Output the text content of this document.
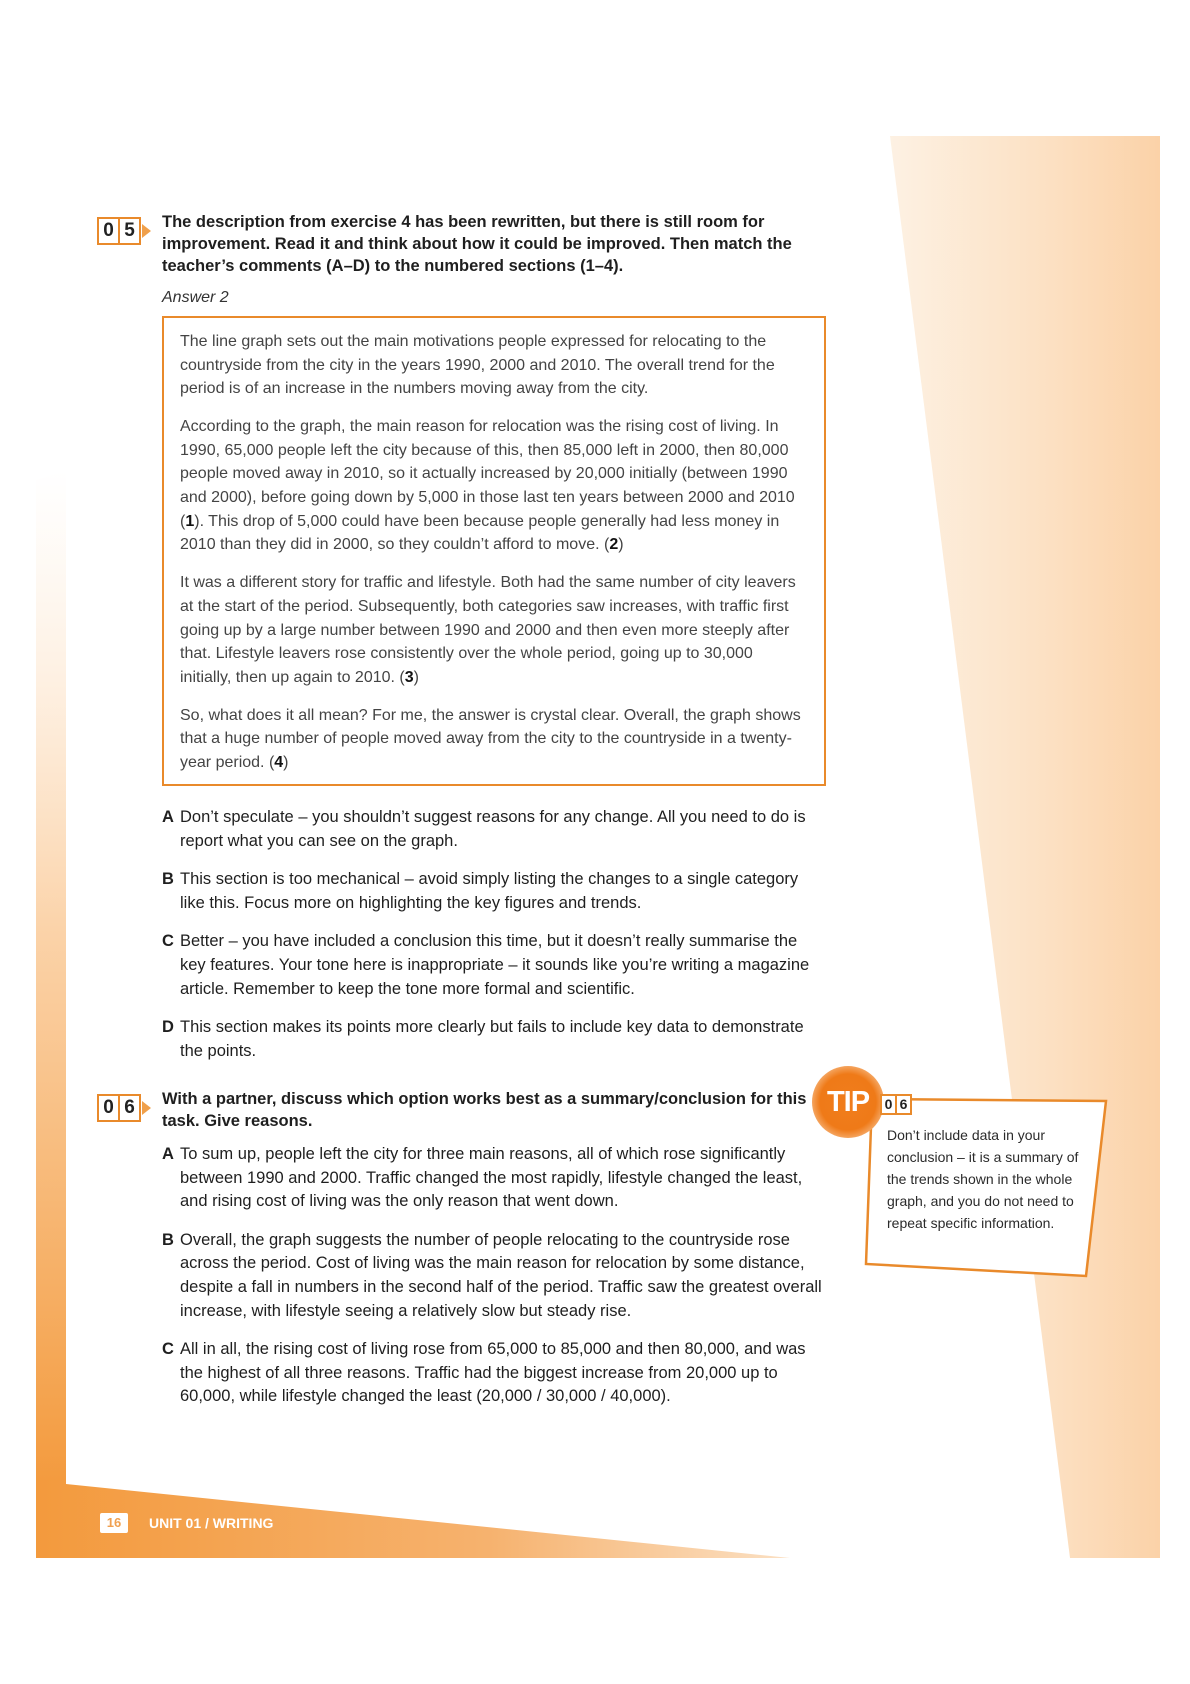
0 5 The description from exercise 4 has been rewritten, but there is still room for improvement. Read it and think about how it could be improved. Then match the teacher’s comments (A–D) to the numbered sections (1–4).
Answer 2

The line graph sets out the main motivations people expressed for relocating to the countryside from the city in the years 1990, 2000 and 2010. The overall trend for the period is of an increase in the numbers moving away from the city.

According to the graph, the main reason for relocation was the rising cost of living. In 1990, 65,000 people left the city because of this, then 85,000 left in 2000, then 80,000 people moved away in 2010, so it actually increased by 20,000 initially (between 1990 and 2000), before going down by 5,000 in those last ten years between 2000 and 2010 (1). This drop of 5,000 could have been because people generally had less money in 2010 than they did in 2000, so they couldn’t afford to move. (2)

It was a different story for traffic and lifestyle. Both had the same number of city leavers at the start of the period. Subsequently, both categories saw increases, with traffic first going up by a large number between 1990 and 2000 and then even more steeply after that. Lifestyle leavers rose consistently over the whole period, going up to 30,000 initially, then up again to 2010. (3)

So, what does it all mean? For me, the answer is crystal clear. Overall, the graph shows that a huge number of people moved away from the city to the countryside in a twenty-year period. (4)

A Don’t speculate – you shouldn’t suggest reasons for any change. All you need to do is report what you can see on the graph.
B This section is too mechanical – avoid simply listing the changes to a single category like this. Focus more on highlighting the key figures and trends.
C Better – you have included a conclusion this time, but it doesn’t really summarise the key features. Your tone here is inappropriate – it sounds like you’re writing a magazine article. Remember to keep the tone more formal and scientific.
D This section makes its points more clearly but fails to include key data to demonstrate the points.
0 6 With a partner, discuss which option works best as a summary/conclusion for this task. Give reasons.
A To sum up, people left the city for three main reasons, all of which rose significantly between 1990 and 2000. Traffic changed the most rapidly, lifestyle changed the least, and rising cost of living was the only reason that went down.
B Overall, the graph suggests the number of people relocating to the countryside rose across the period. Cost of living was the main reason for relocation by some distance, despite a fall in numbers in the second half of the period. Traffic saw the greatest overall increase, with lifestyle seeing a relatively slow but steady rise.
C All in all, the rising cost of living rose from 65,000 to 85,000 and then 80,000, and was the highest of all three reasons. Traffic had the biggest increase from 20,000 up to 60,000, while lifestyle changed the least (20,000 / 30,000 / 40,000).
TIP 0 6
Don’t include data in your conclusion – it is a summary of the trends shown in the whole graph, and you do not need to repeat specific information.
16	UNIT 01 / WRITING
